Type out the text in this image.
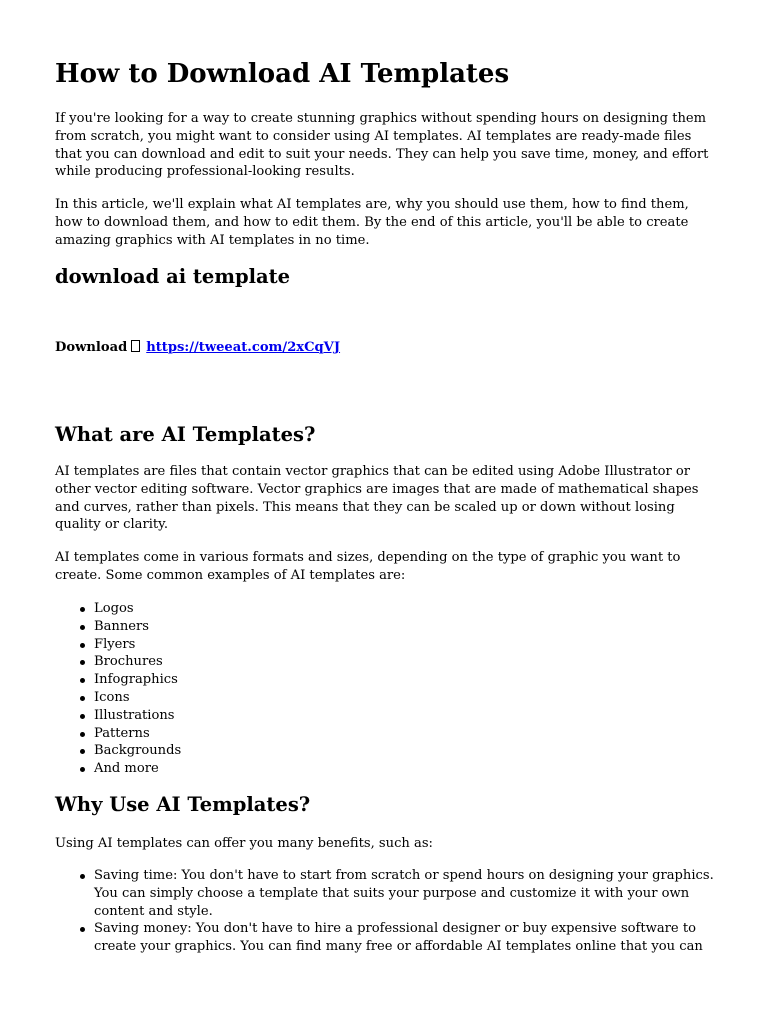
How to Download AI Templates

If you're looking for a way to create stunning graphics without spending hours on designing them from scratch, you might want to consider using AI templates. AI templates are ready-made files that you can download and edit to suit your needs. They can help you save time, money, and effort while producing professional-looking results.

In this article, we'll explain what AI templates are, why you should use them, how to find them, how to download them, and how to edit them. By the end of this article, you'll be able to create amazing graphics with AI templates in no time.

download ai template
Download https://tweeat.com/2xCqVJ
What are AI Templates?

AI templates are files that contain vector graphics that can be edited using Adobe Illustrator or other vector editing software. Vector graphics are images that are made of mathematical shapes and curves, rather than pixels. This means that they can be scaled up or down without losing quality or clarity.

AI templates come in various formats and sizes, depending on the type of graphic you want to create. Some common examples of AI templates are:

Logos
Banners
Flyers
Brochures
Infographics
Icons
Illustrations
Patterns
Backgrounds
And more
Why Use AI Templates?

Using AI templates can offer you many benefits, such as:

Saving time: You don't have to start from scratch or spend hours on designing your graphics. You can simply choose a template that suits your purpose and customize it with your own content and style.
Saving money: You don't have to hire a professional designer or buy expensive software to create your graphics. You can find many free or affordable AI templates online that you can
